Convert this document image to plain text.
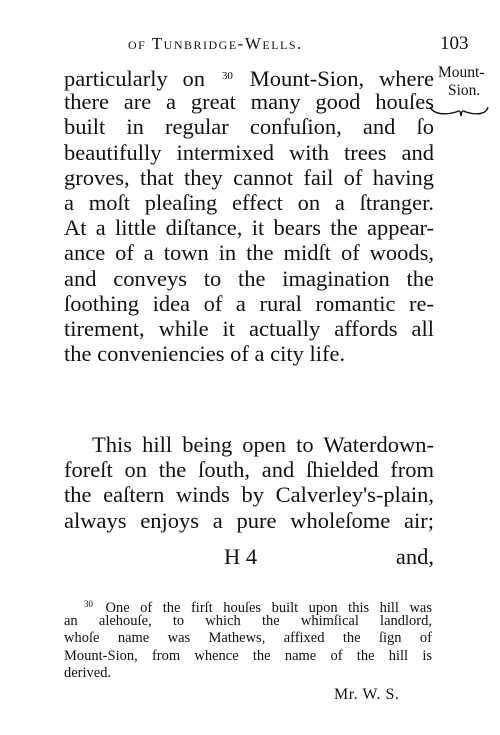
of Tunbridge-Wells.	103
particularly on $^{30}$ Mount-Sion, where
there are a great many good houſes
built in regular confuſion, and ſo
beautifully intermixed with trees and
groves, that they cannot fail of having
a moſt pleaſing effect on a ſtranger.
At a little diſtance, it bears the appear-
ance of a town in the midſt of woods,
and conveys to the imagination the
ſoothing idea of a rural romantic re-
tirement, while it actually affords all
the conveniencies of a city life.
Mount-
Sion.
This hill being open to Waterdown-
foreſt on the ſouth, and ſhielded from
the eaſtern winds by Calverley's-plain,
always enjoys a pure wholeſome air;
H 4	and,
$^{30}$ One of the firſt houſes built upon this hill was
an alehouſe, to which the whimſical landlord,
whoſe name was Mathews, affixed the ſign of
Mount-Sion, from whence the name of the hill is
derived.
Mr. W. S.
